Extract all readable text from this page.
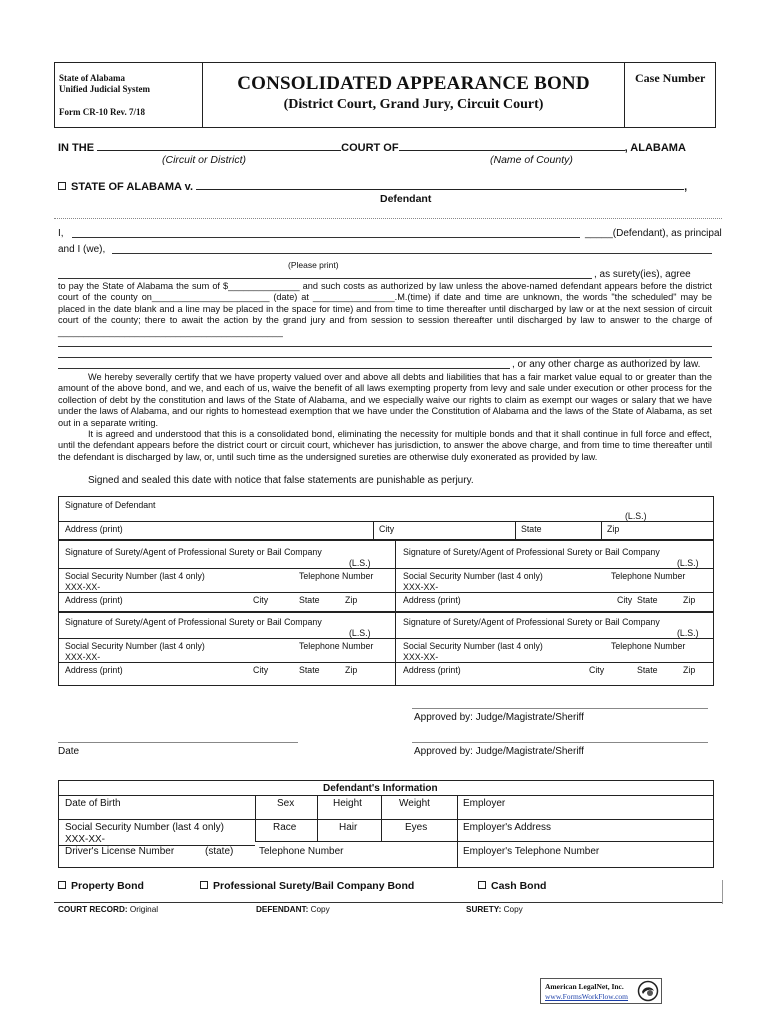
State of Alabama
Unified Judicial System
Form CR-10 Rev. 7/18
CONSOLIDATED APPEARANCE BOND
(District Court, Grand Jury, Circuit Court)
Case Number
IN THE	COURT OF	, ALABAMA
(Circuit or District)	(Name of County)
STATE OF ALABAMA v.	,
Defendant
I,	_____(Defendant), as principal
and I (we),
(Please print)
, as surety(ies), agree

to pay the State of Alabama the sum of $______________ and such costs as authorized by law unless the above-named defendant appears before the district court of the county on_______________________ (date) at ________________.M.(time) if date and time are unknown, the words "the scheduled" may be placed in the date blank and a line may be placed in the space for time) and from time to time thereafter until discharged by law or at the next session of circuit court of the county; there to await the action by the grand jury and from session to session thereafter until discharged by law to answer to the charge of ____________________________________________

, or any other charge as authorized by law.

We hereby severally certify that we have property valued over and above all debts and liabilities that has a fair market value equal to or greater than the amount of the above bond, and we, and each of us, waive the benefit of all laws exempting property from levy and sale under execution or other process for the collection of debt by the constitution and laws of the State of Alabama, and we especially waive our rights to claim as exempt our wages or salary that we have under the laws of Alabama, and our rights to homestead exemption that we have under the Constitution of Alabama and the laws of the State of Alabama, as set out in a separate writing.

It is agreed and understood that this is a consolidated bond, eliminating the necessity for multiple bonds and that it shall continue in full force and effect, until the defendant appears before the district court or circuit court, whichever has jurisdiction, to answer the above charge, and from time to time thereafter until the defendant is discharged by law, or, until such time as the undersigned sureties are otherwise duly exonerated as provided by law.

Signed and sealed this date with notice that false statements are punishable as perjury.
Signature of Defendant
(L.S.)
Address (print)	City	State	Zip
Signature of Surety/Agent of Professional Surety or Bail Company
(L.S.)
Social Security Number (last 4 only)	Telephone Number
XXX-XX-
Address (print)	City	State	Zip
Signature of Surety/Agent of Professional Surety or Bail Company
(L.S.)
Social Security Number (last 4 only)	Telephone Number
XXX-XX-
Address (print)	City State	Zip
Signature of Surety/Agent of Professional Surety or Bail Company
(L.S.)
Social Security Number (last 4 only)	Telephone Number
XXX-XX-
Address (print)	City	State	Zip
Signature of Surety/Agent of Professional Surety or Bail Company
(L.S.)
Social Security Number (last 4 only)	Telephone Number
XXX-XX-
Address (print)	City	State	Zip
Approved by: Judge/Magistrate/Sheriff
Date	Approved by: Judge/Magistrate/Sheriff
Defendant's Information
Date of Birth	Sex	Height	Weight	Employer
Social Security Number (last 4 only)
XXX-XX-
Race	Hair	Eyes	Employer's Address
Driver's License Number	(state)	Telephone Number	Employer's Telephone Number
Property Bond	Professional Surety/Bail Company Bond	Cash Bond
COURT RECORD: Original	DEFENDANT: Copy	SURETY: Copy
American LegalNet, Inc.
www.FormsWorkFlow.com
